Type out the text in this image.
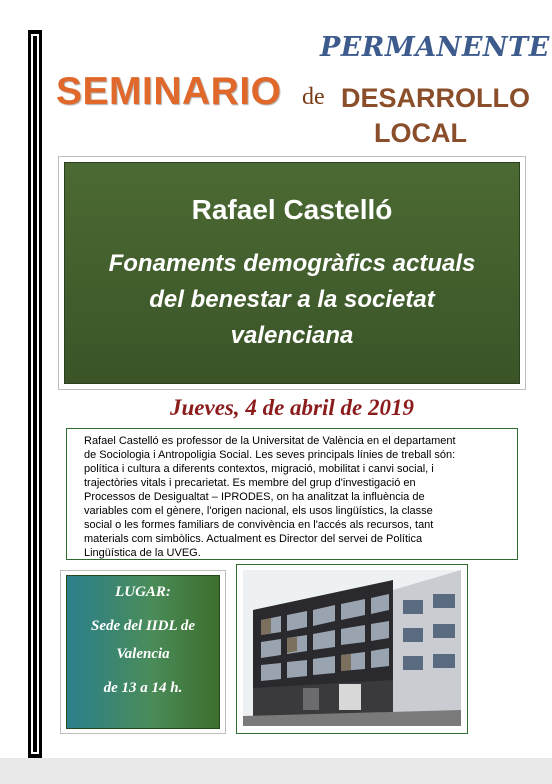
PERMANENTE
SEMINARIO de DESARROLLO
LOCAL
Rafael Castelló
Fonaments demogràfics actuals
del benestar a la societat
valenciana
Jueves, 4 de abril de 2019
Rafael Castelló es professor de la Universitat de València en el departament
de Sociologia i Antropoligia Social. Les seves principals línies de treball són:
política i cultura a diferents contextos, migració, mobilitat i canvi social, i
trajectòries vitals i precarietat. Es membre del grup d'investigació en
Processos de Desigualtat – IPRODES, on ha analitzat la influència de
variables com el gènere, l'origen nacional, els usos lingüístics, la classe
social o les formes familiars de convivència en l'accés als recursos, tant
materials com simbòlics. Actualment es Director del servei de Política
Lingüística de la UVEG.
LUGAR:
Sede del IIDL de
Valencia
de 13 a 14 h.
